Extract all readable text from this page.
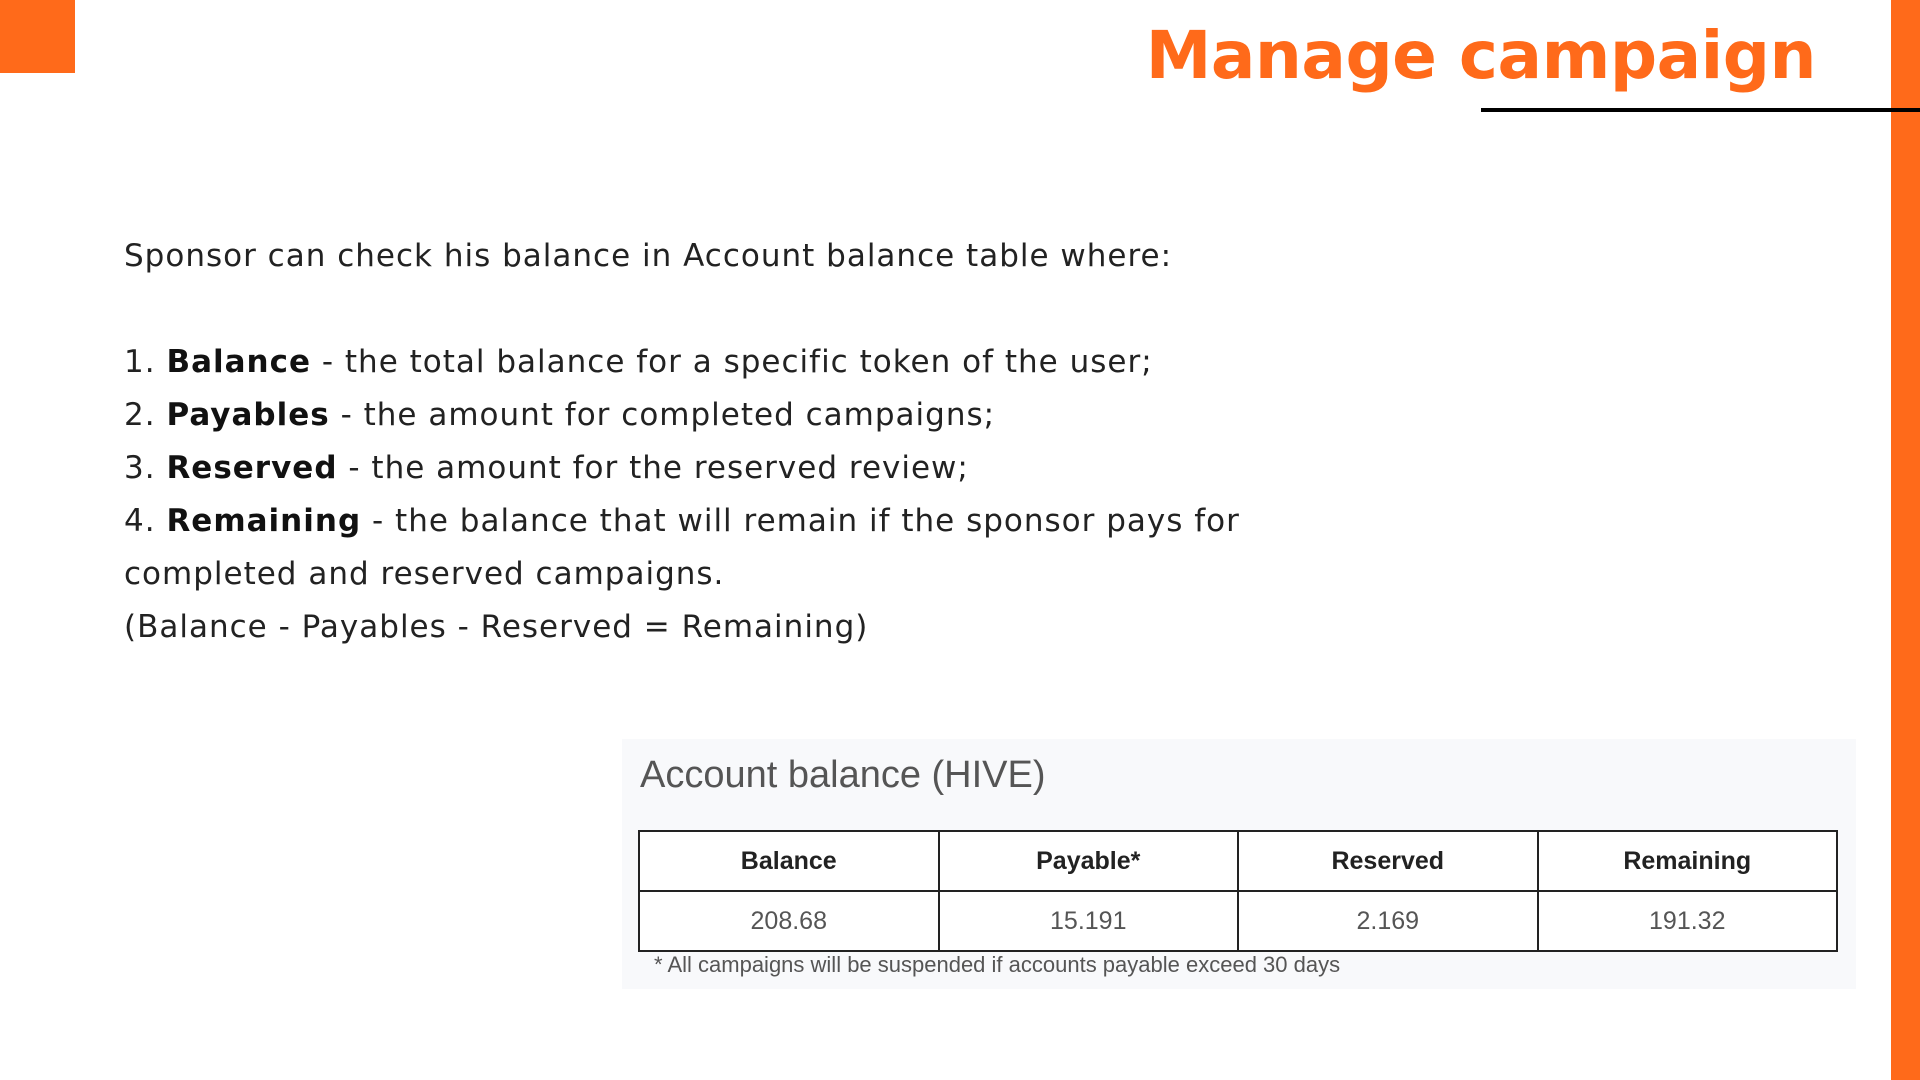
Manage campaign

Sponsor can check his balance in Account balance table where:

1. Balance - the total balance for a specific token of the user;

2. Payables - the amount for completed campaigns;

3. Reserved - the amount for the reserved review;

4. Remaining - the balance that will remain if the sponsor pays for

completed and reserved campaigns.

(Balance - Payables - Reserved = Remaining)

Account balance (HIVE)
Balance	Payable*	Reserved	Remaining
208.68	15.191	2.169	191.32

* All campaigns will be suspended if accounts payable exceed 30 days
